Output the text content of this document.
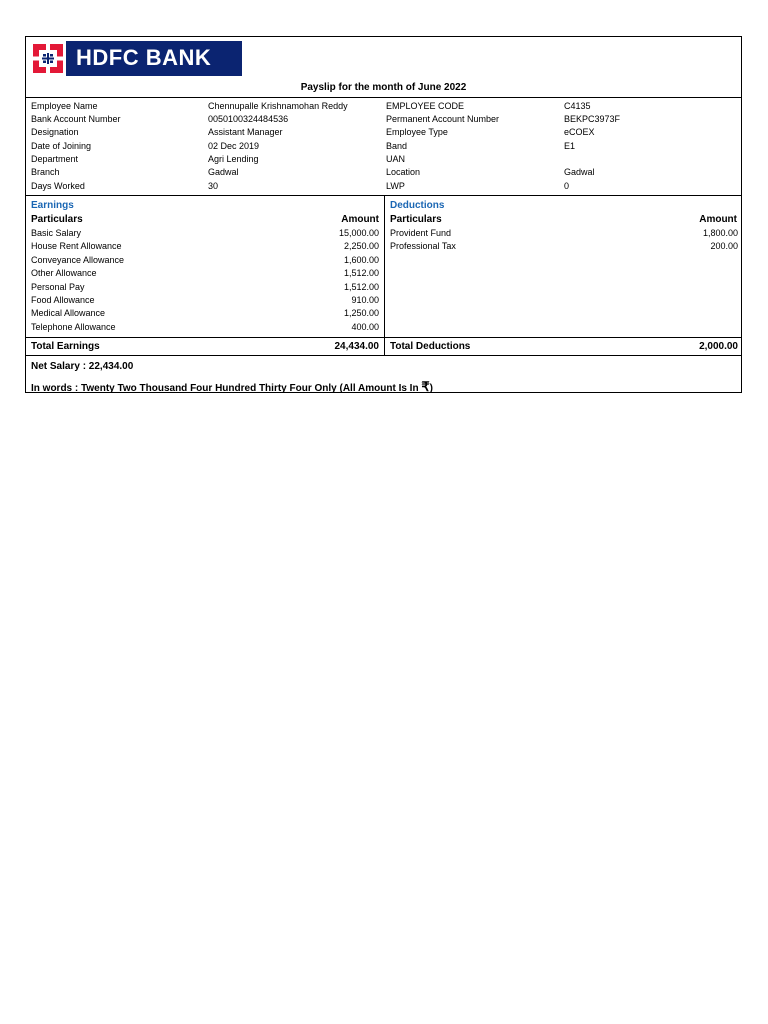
HDFC BANK
Payslip for the month of June 2022
Employee Name	Chennupalle Krishnamohan Reddy	EMPLOYEE CODE	C4135
Bank Account Number	0050100324484536	Permanent Account Number	BEKPC3973F
Designation	Assistant Manager	Employee Type	eCOEX
Date of Joining	02 Dec 2019	Band	E1
Department	Agri Lending	UAN
Branch	Gadwal	Location	Gadwal
Days Worked	30	LWP	0
Earnings
Particulars	Amount
Basic Salary	15,000.00
House Rent Allowance	2,250.00
Conveyance Allowance	1,600.00
Other Allowance	1,512.00
Personal Pay	1,512.00
Food Allowance	910.00
Medical Allowance	1,250.00
Telephone Allowance	400.00
Deductions
Particulars	Amount
Provident Fund	1,800.00
Professional Tax	200.00
Total Earnings	24,434.00 Total Deductions	2,000.00
Net Salary : 22,434.00
In words : Twenty Two Thousand Four Hundred Thirty Four Only (All Amount Is In ₹)
